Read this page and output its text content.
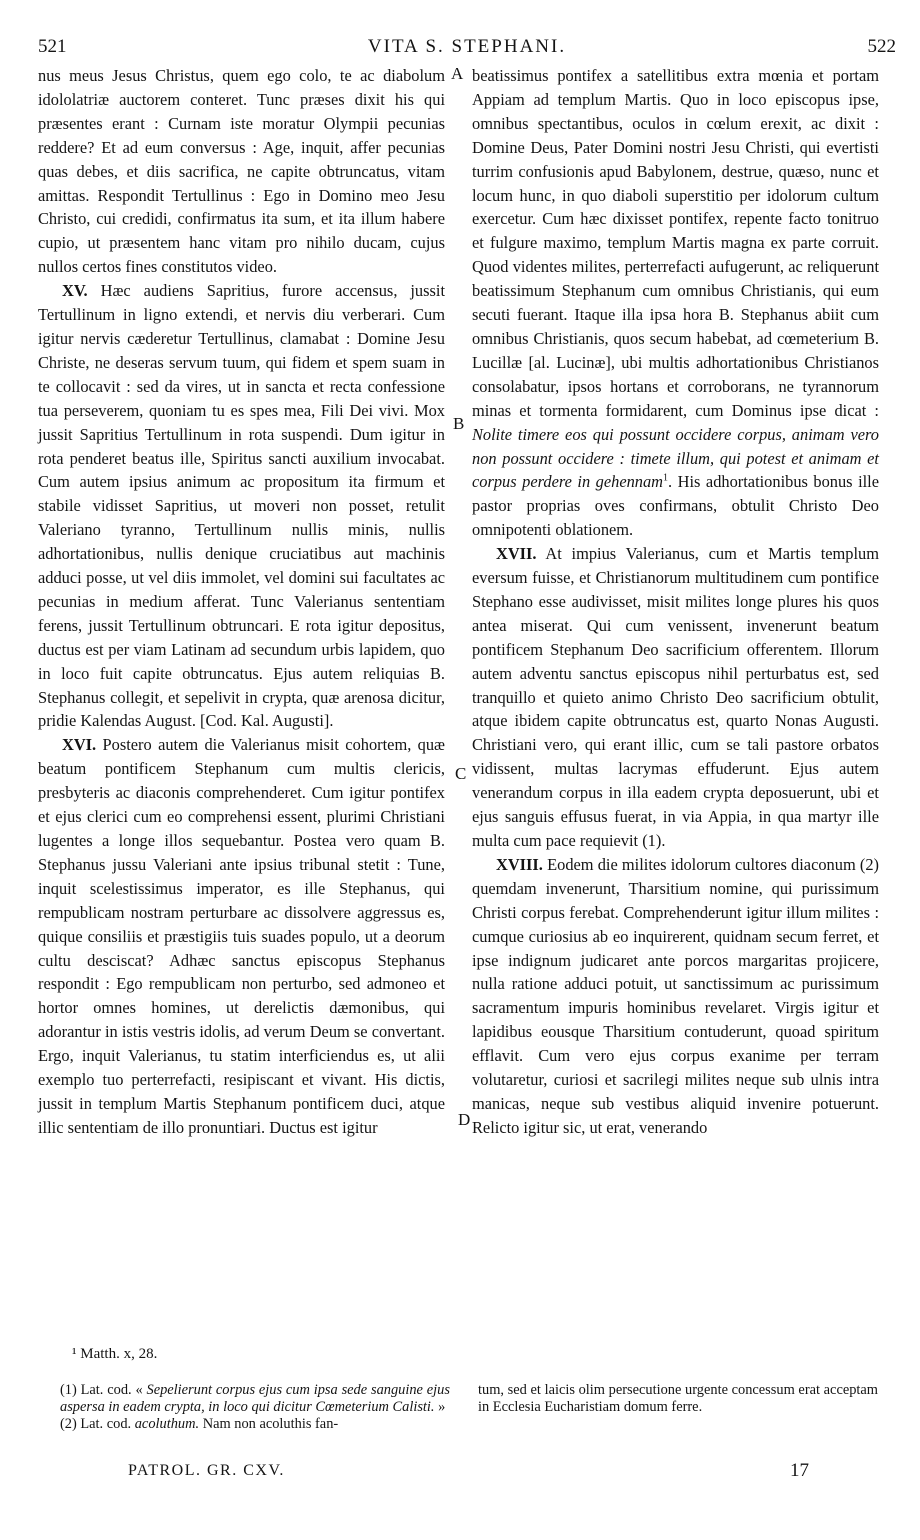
521	VITA S. STEPHANI.	522
A
B
C
D

nus meus Jesus Christus, quem ego colo, te ac diabolum idololatriæ auctorem conteret. Tunc præses dixit his qui præsentes erant : Curnam iste moratur Olympii pecunias reddere? Et ad eum conversus : Age, inquit, affer pecunias quas debes, et diis sacrifica, ne capite obtruncatus, vitam amittas. Respondit Tertullinus : Ego in Domino meo Jesu Christo, cui credidi, confirmatus ita sum, et ita illum habere cupio, ut præsentem hanc vitam pro nihilo ducam, cujus nullos certos fines constitutos video.

XV. Hæc audiens Sapritius, furore accensus, jussit Tertullinum in ligno extendi, et nervis diu verberari. Cum igitur nervis cæderetur Tertullinus, clamabat : Domine Jesu Christe, ne deseras servum tuum, qui fidem et spem suam in te collocavit : sed da vires, ut in sancta et recta confessione tua perseverem, quoniam tu es spes mea, Fili Dei vivi. Mox jussit Sapritius Tertullinum in rota suspendi. Dum igitur in rota penderet beatus ille, Spiritus sancti auxilium invocabat. Cum autem ipsius animum ac propositum ita firmum et stabile vidisset Sapritius, ut moveri non posset, retulit Valeriano tyranno, Tertullinum nullis minis, nullis adhortationibus, nullis denique cruciatibus aut machinis adduci posse, ut vel diis immolet, vel domini sui facultates ac pecunias in medium afferat. Tunc Valerianus sententiam ferens, jussit Tertullinum obtruncari. E rota igitur depositus, ductus est per viam Latinam ad secundum urbis lapidem, quo in loco fuit capite obtruncatus. Ejus autem reliquias B. Stephanus collegit, et sepelivit in crypta, quæ arenosa dicitur, pridie Kalendas August. [Cod. Kal. Augusti].

XVI. Postero autem die Valerianus misit cohortem, quæ beatum pontificem Stephanum cum multis clericis, presbyteris ac diaconis comprehenderet. Cum igitur pontifex et ejus clerici cum eo comprehensi essent, plurimi Christiani lugentes a longe illos sequebantur. Postea vero quam B. Stephanus jussu Valeriani ante ipsius tribunal stetit : Tune, inquit scelestissimus imperator, es ille Stephanus, qui rempublicam nostram perturbare ac dissolvere aggressus es, quique consiliis et præstigiis tuis suades populo, ut a deorum cultu desciscat? Adhæc sanctus episcopus Stephanus respondit : Ego rempublicam non perturbo, sed admoneo et hortor omnes homines, ut derelictis dæmonibus, qui adorantur in istis vestris idolis, ad verum Deum se convertant. Ergo, inquit Valerianus, tu statim interficiendus es, ut alii exemplo tuo perterrefacti, resipiscant et vivant. His dictis, jussit in templum Martis Stephanum pontificem duci, atque illic sententiam de illo pronuntiari. Ductus est igitur

beatissimus pontifex a satellitibus extra mœnia et portam Appiam ad templum Martis. Quo in loco episcopus ipse, omnibus spectantibus, oculos in cœlum erexit, ac dixit : Domine Deus, Pater Domini nostri Jesu Christi, qui evertisti turrim confusionis apud Babylonem, destrue, quæso, nunc et locum hunc, in quo diaboli superstitio per idolorum cultum exercetur. Cum hæc dixisset pontifex, repente facto tonitruo et fulgure maximo, templum Martis magna ex parte corruit. Quod videntes milites, perterrefacti aufugerunt, ac reliquerunt beatissimum Stephanum cum omnibus Christianis, qui eum secuti fuerant. Itaque illa ipsa hora B. Stephanus abiit cum omnibus Christianis, quos secum habebat, ad cœmeterium B. Lucillæ [al. Lucinæ], ubi multis adhortationibus Christianos consolabatur, ipsos hortans et corroborans, ne tyrannorum minas et tormenta formidarent, cum Dominus ipse dicat : Nolite timere eos qui possunt occidere corpus, animam vero non possunt occidere : timete illum, qui potest et animam et corpus perdere in gehennam$^1$. His adhortationibus bonus ille pastor proprias oves confirmans, obtulit Christo Deo omnipotenti oblationem.

XVII. At impius Valerianus, cum et Martis templum eversum fuisse, et Christianorum multitudinem cum pontifice Stephano esse audivisset, misit milites longe plures his quos antea miserat. Qui cum venissent, invenerunt beatum pontificem Stephanum Deo sacrificium offerentem. Illorum autem adventu sanctus episcopus nihil perturbatus est, sed tranquillo et quieto animo Christo Deo sacrificium obtulit, atque ibidem capite obtruncatus est, quarto Nonas Augusti. Christiani vero, qui erant illic, cum se tali pastore orbatos vidissent, multas lacrymas effuderunt. Ejus autem venerandum corpus in illa eadem crypta deposuerunt, ubi et ejus sanguis effusus fuerat, in via Appia, in qua martyr ille multa cum pace requievit (1).

XVIII. Eodem die milites idolorum cultores diaconum (2) quemdam invenerunt, Tharsitium nomine, qui purissimum Christi corpus ferebat. Comprehenderunt igitur illum milites : cumque curiosius ab eo inquirerent, quidnam secum ferret, et ipse indignum judicaret ante porcos margaritas projicere, nulla ratione adduci potuit, ut sanctissimum ac purissimum sacramentum impuris hominibus revelaret. Virgis igitur et lapidibus eousque Tharsitium contuderunt, quoad spiritum efflavit. Cum vero ejus corpus exanime per terram volutaretur, curiosi et sacrilegi milites neque sub ulnis intra manicas, neque sub vestibus aliquid invenire potuerunt. Relicto igitur sic, ut erat, venerando

¹ Matth. x, 28.

(1) Lat. cod. « Sepelierunt corpus ejus cum ipsa sede sanguine ejus aspersa in eadem crypta, in loco qui dicitur Cœmeterium Calisti. »

(2) Lat. cod. acoluthum. Nam non acoluthis fan-

tum, sed et laicis olim persecutione urgente concessum erat acceptam in Ecclesia Eucharistiam domum ferre.

PATROL. GR. CXV.	17
